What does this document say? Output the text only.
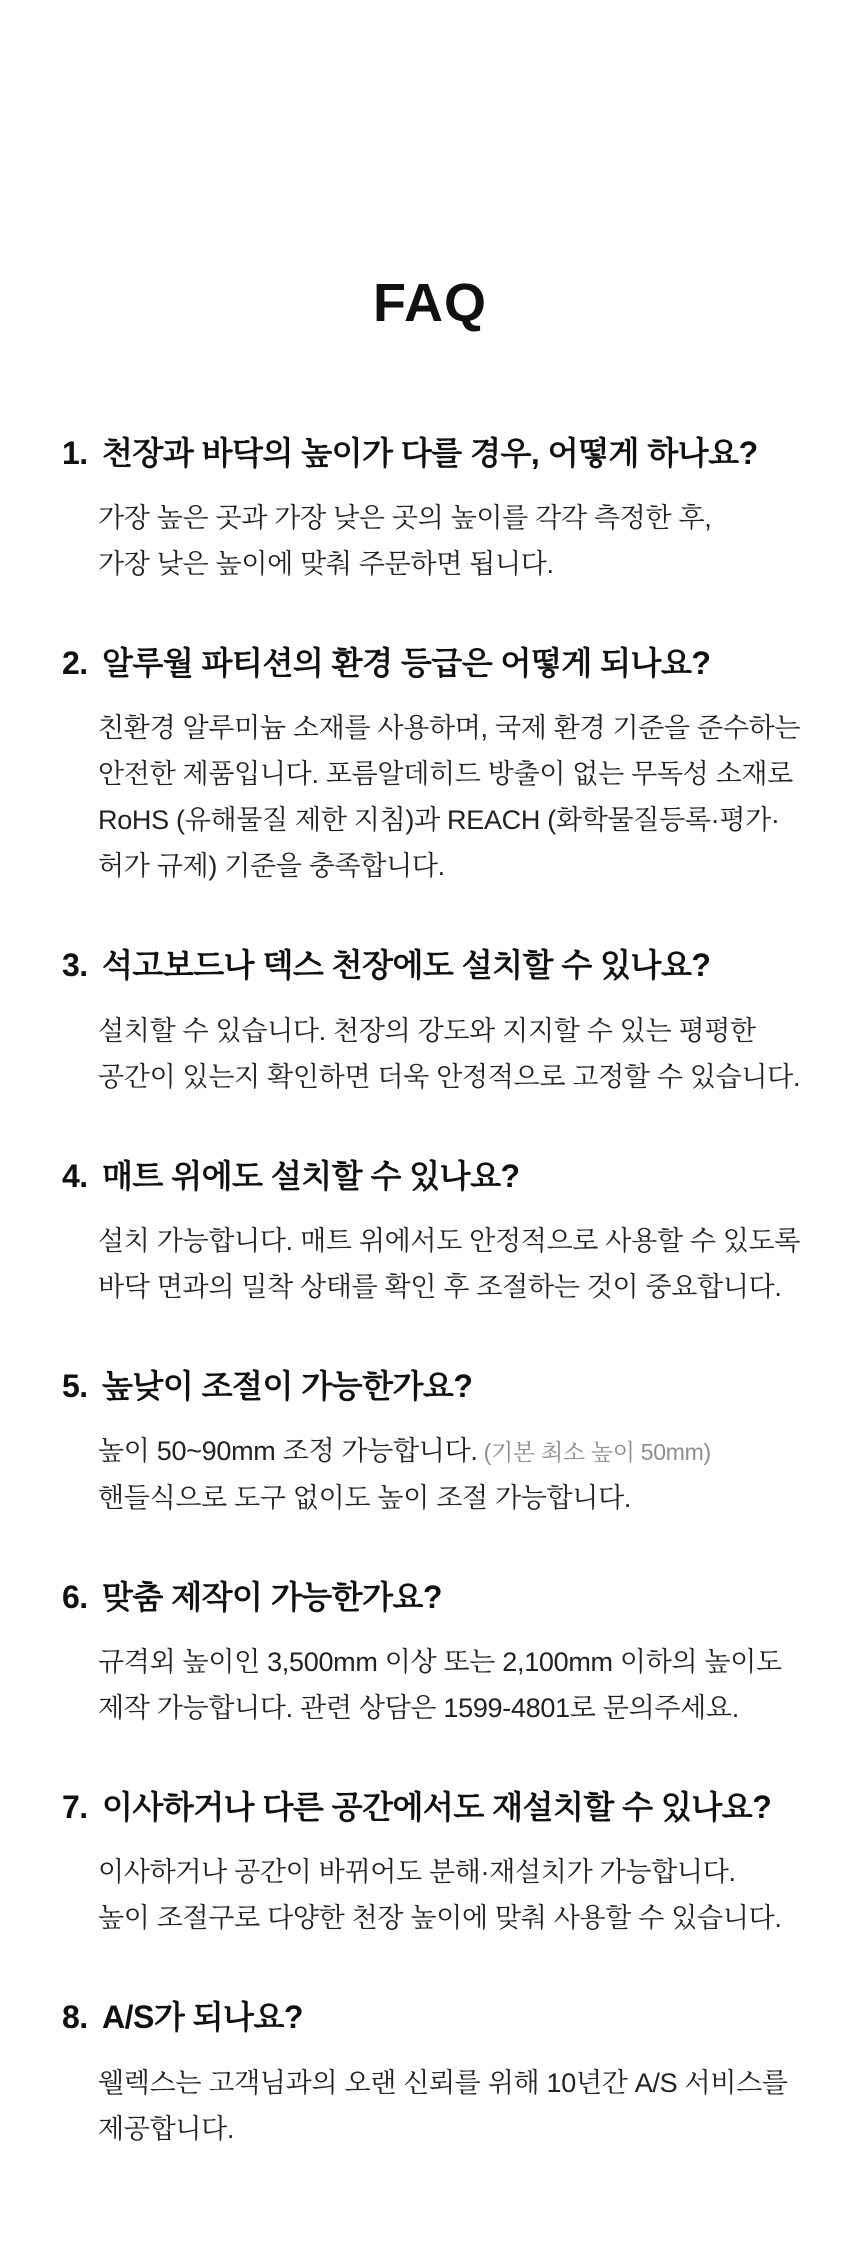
FAQ
1. 천장과 바닥의 높이가 다를 경우, 어떻게 하나요?
가장 높은 곳과 가장 낮은 곳의 높이를 각각 측정한 후,
가장 낮은 높이에 맞춰 주문하면 됩니다.
2. 알루월 파티션의 환경 등급은 어떻게 되나요?
친환경 알루미늄 소재를 사용하며, 국제 환경 기준을 준수하는
안전한 제품입니다. 포름알데히드 방출이 없는 무독성 소재로
RoHS (유해물질 제한 지침)과 REACH (화학물질등록·평가·
허가 규제) 기준을 충족합니다.
3. 석고보드나 덱스 천장에도 설치할 수 있나요?
설치할 수 있습니다. 천장의 강도와 지지할 수 있는 평평한
공간이 있는지 확인하면 더욱 안정적으로 고정할 수 있습니다.
4. 매트 위에도 설치할 수 있나요?
설치 가능합니다. 매트 위에서도 안정적으로 사용할 수 있도록
바닥 면과의 밀착 상태를 확인 후 조절하는 것이 중요합니다.
5. 높낮이 조절이 가능한가요?
높이 50~90mm 조정 가능합니다. (기본 최소 높이 50mm)
핸들식으로 도구 없이도 높이 조절 가능합니다.
6. 맞춤 제작이 가능한가요?
규격외 높이인 3,500mm 이상 또는 2,100mm 이하의 높이도
제작 가능합니다. 관련 상담은 1599-4801로 문의주세요.
7. 이사하거나 다른 공간에서도 재설치할 수 있나요?
이사하거나 공간이 바뀌어도 분해·재설치가 가능합니다.
높이 조절구로 다양한 천장 높이에 맞춰 사용할 수 있습니다.
8. A/S가 되나요?
웰렉스는 고객님과의 오랜 신뢰를 위해 10년간 A/S 서비스를
제공합니다.
